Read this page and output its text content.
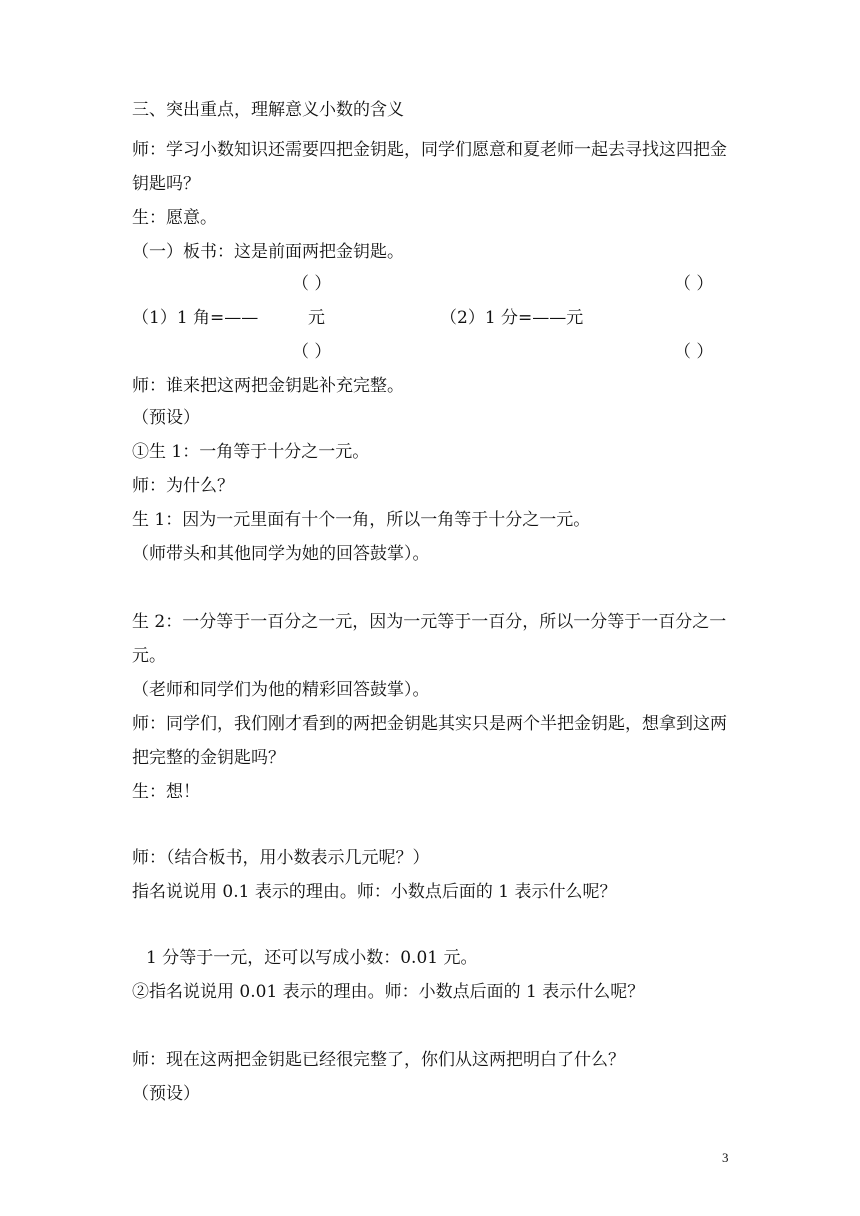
三、突出重点，理解意义小数的含义

师：学习小数知识还需要四把金钥匙，同学们愿意和夏老师一起去寻找这四把金

钥匙吗？

生：愿意。

（一）板书：这是前面两把金钥匙。

（ ）	（ ）

（1）1 角=——	元	（2）1 分=——元

（ ）	（ ）

师：谁来把这两把金钥匙补充完整。

（预设）

①生 1：一角等于十分之一元。

师：为什么？

生 1：因为一元里面有十个一角，所以一角等于十分之一元。

（师带头和其他同学为她的回答鼓掌）。

生 2：一分等于一百分之一元，因为一元等于一百分，所以一分等于一百分之一

元。

（老师和同学们为他的精彩回答鼓掌）。

师：同学们，我们刚才看到的两把金钥匙其实只是两个半把金钥匙，想拿到这两

把完整的金钥匙吗？

生：想！

师：（结合板书，用小数表示几元呢？）

指名说说用 0.1 表示的理由。师：小数点后面的 1 表示什么呢？

1 分等于一元，还可以写成小数：0.01 元。

②指名说说用 0.01 表示的理由。师：小数点后面的 1 表示什么呢？

师：现在这两把金钥匙已经很完整了，你们从这两把明白了什么？

（预设）

3
